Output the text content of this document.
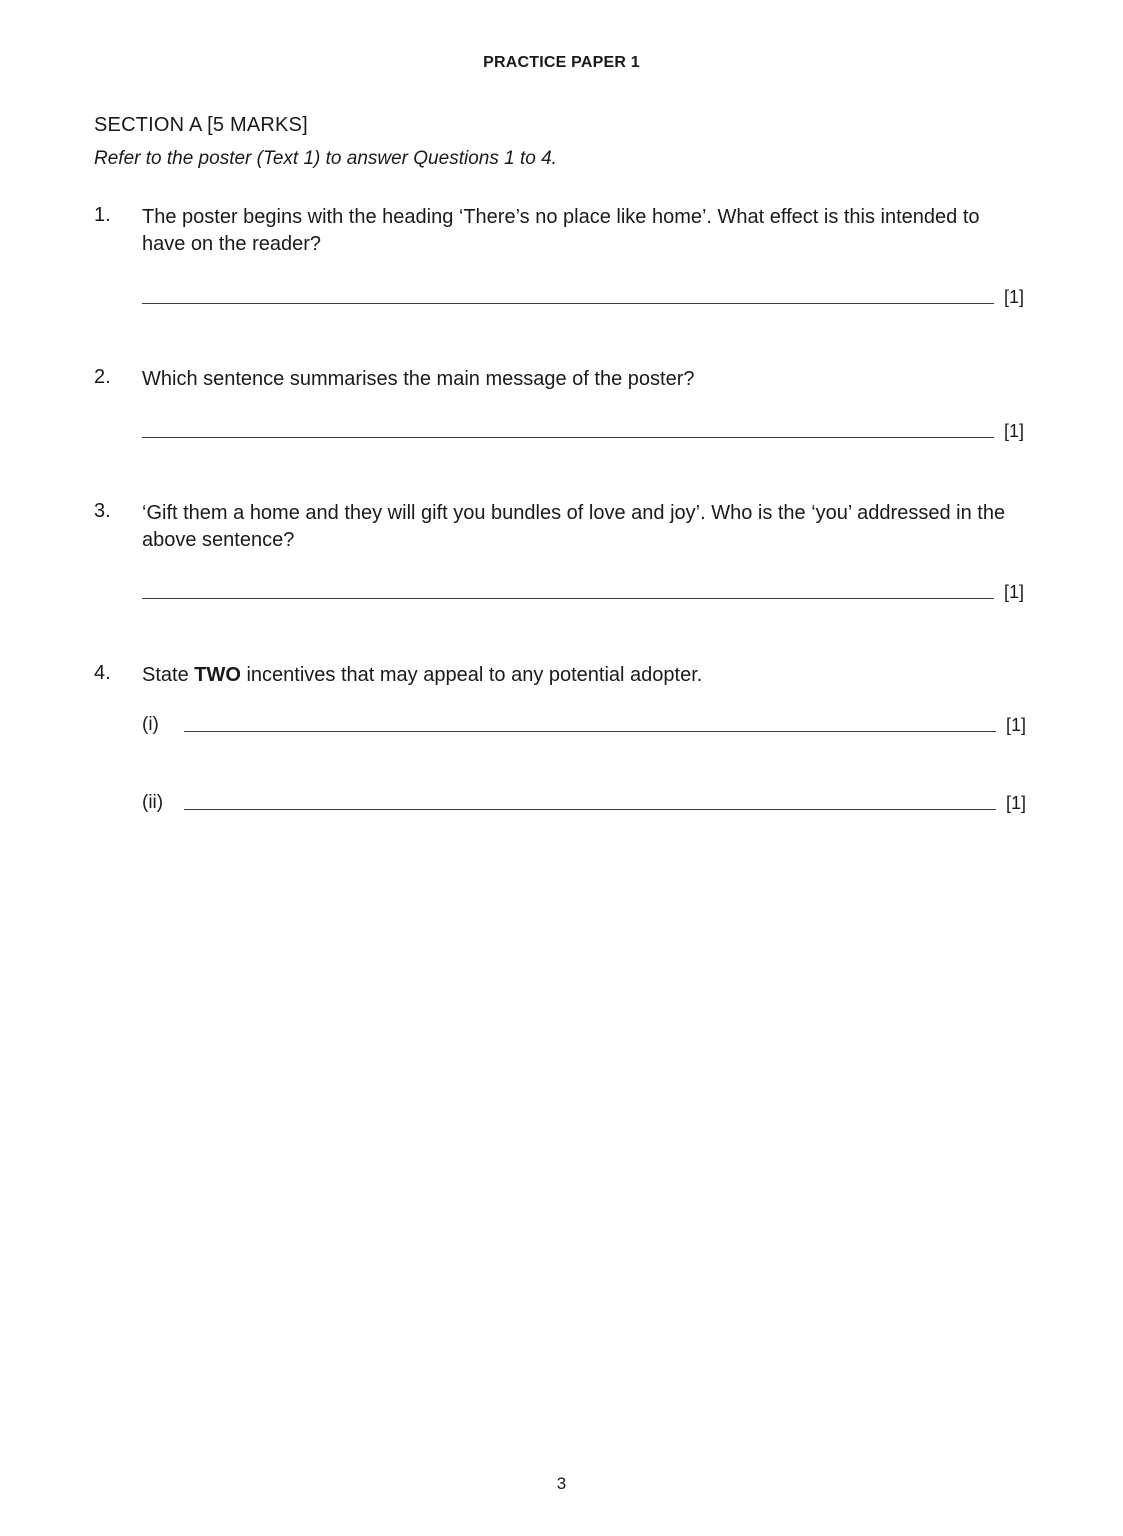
PRACTICE PAPER 1
SECTION A [5 MARKS]
Refer to the poster (Text 1) to answer Questions 1 to 4.
1. The poster begins with the heading ‘There’s no place like home’. What effect is this intended to have on the reader?
[1]
2. Which sentence summarises the main message of the poster?
[1]
3. ‘Gift them a home and they will gift you bundles of love and joy’. Who is the ‘you’ addressed in the above sentence?
[1]
4. State TWO incentives that may appeal to any potential adopter.
(i)	[1]
(ii)	[1]
3
